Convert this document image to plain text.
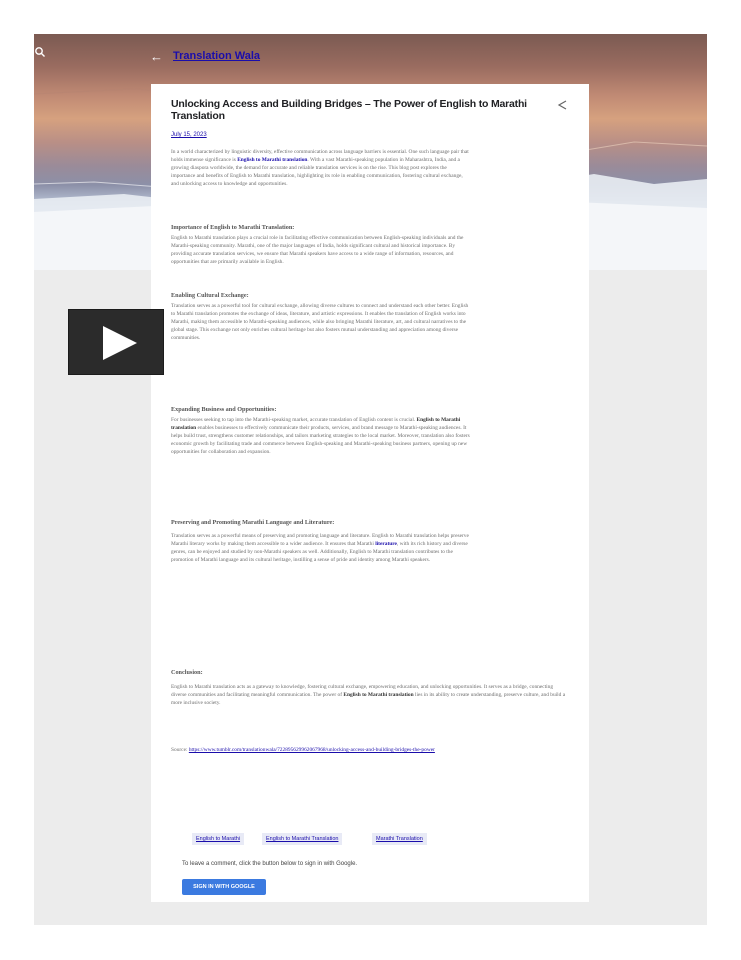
← Translation Wala
Unlocking Access and Building Bridges – The Power of English to Marathi Translation
July 15, 2023
In a world characterized by linguistic diversity, effective communication across language barriers is essential. One such language pair that holds immense significance is English to Marathi translation. With a vast Marathi-speaking population in Maharashtra, India, and a growing diaspora worldwide, the demand for accurate and reliable translation services is on the rise. This blog post explores the importance and benefits of English to Marathi translation, highlighting its role in enabling communication, fostering cultural exchange, and unlocking access to knowledge and opportunities.
Importance of English to Marathi Translation:
English to Marathi translation plays a crucial role in facilitating effective communication between English-speaking individuals and the Marathi-speaking community. Marathi, one of the major languages of India, holds significant cultural and historical importance. By providing accurate translation services, we ensure that Marathi speakers have access to a wide range of information, resources, and opportunities that are primarily available in English.
Enabling Cultural Exchange:
Translation serves as a powerful tool for cultural exchange, allowing diverse cultures to connect and understand each other better. English to Marathi translation promotes the exchange of ideas, literature, and artistic expressions. It enables the translation of English works into Marathi, making them accessible to Marathi-speaking audiences, while also bringing Marathi literature, art, and cultural narratives to the global stage. This exchange not only enriches cultural heritage but also fosters mutual understanding and appreciation among diverse communities.
Expanding Business and Opportunities:
For businesses seeking to tap into the Marathi-speaking market, accurate translation of English content is crucial. English to Marathi translation enables businesses to effectively communicate their products, services, and brand message to Marathi-speaking audiences. It helps build trust, strengthens customer relationships, and tailors marketing strategies to the local market. Moreover, translation also fosters economic growth by facilitating trade and commerce between English-speaking and Marathi-speaking business partners, opening up new opportunities for collaboration and expansion.
Preserving and Promoting Marathi Language and Literature:
Translation serves as a powerful means of preserving and promoting language and literature. English to Marathi translation helps preserve Marathi literary works by making them accessible to a wider audience. It ensures that Marathi literature, with its rich history and diverse genres, can be enjoyed and studied by non-Marathi speakers as well. Additionally, English to Marathi translation contributes to the promotion of Marathi language and its cultural heritage, instilling a sense of pride and identity among Marathi speakers.
Conclusion:
English to Marathi translation acts as a gateway to knowledge, fostering cultural exchange, empowering education, and unlocking opportunities. It serves as a bridge, connecting diverse communities and facilitating meaningful communication. The power of English to Marathi translation lies in its ability to create understanding, preserve culture, and build a more inclusive society.
Source: https://www.tumblr.com/translationwala/722895629962067968/unlocking-access-and-building-bridges-the-power
English to Marathi	English to Marathi Translation	Marathi Translation
To leave a comment, click the button below to sign in with Google.
SIGN IN WITH GOOGLE
